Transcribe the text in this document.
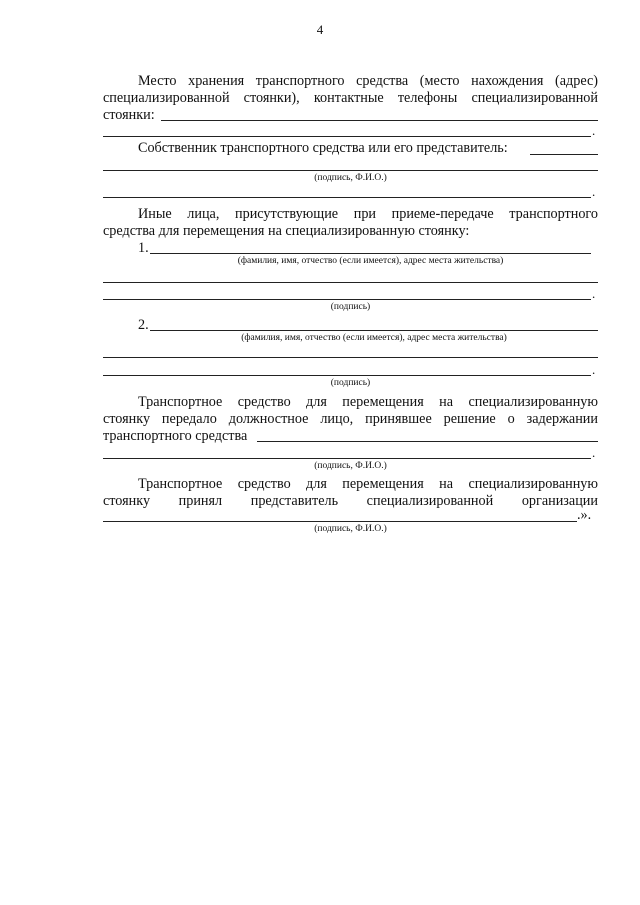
4
Место хранения транспортного средства (место нахождения (адрес)
специализированной стоянки), контактные телефоны специализированной
стоянки:
.
Собственник транспортного средства или его представитель:
(подпись, Ф.И.О.)
.
Иные лица, присутствующие при приеме-передаче транспортного
средства для перемещения на специализированную стоянку:
1.
(фамилия, имя, отчество (если имеется), адрес места жительства)
.
(подпись)
2.
(фамилия, имя, отчество (если имеется), адрес места жительства)
.
(подпись)
Транспортное средство для перемещения на специализированную
стоянку передало должностное лицо, принявшее решение о задержании
транспортного средства
.
(подпись, Ф.И.О.)
Транспортное средство для перемещения на специализированную
стоянку принял представитель специализированной организации
.».
(подпись, Ф.И.О.)
